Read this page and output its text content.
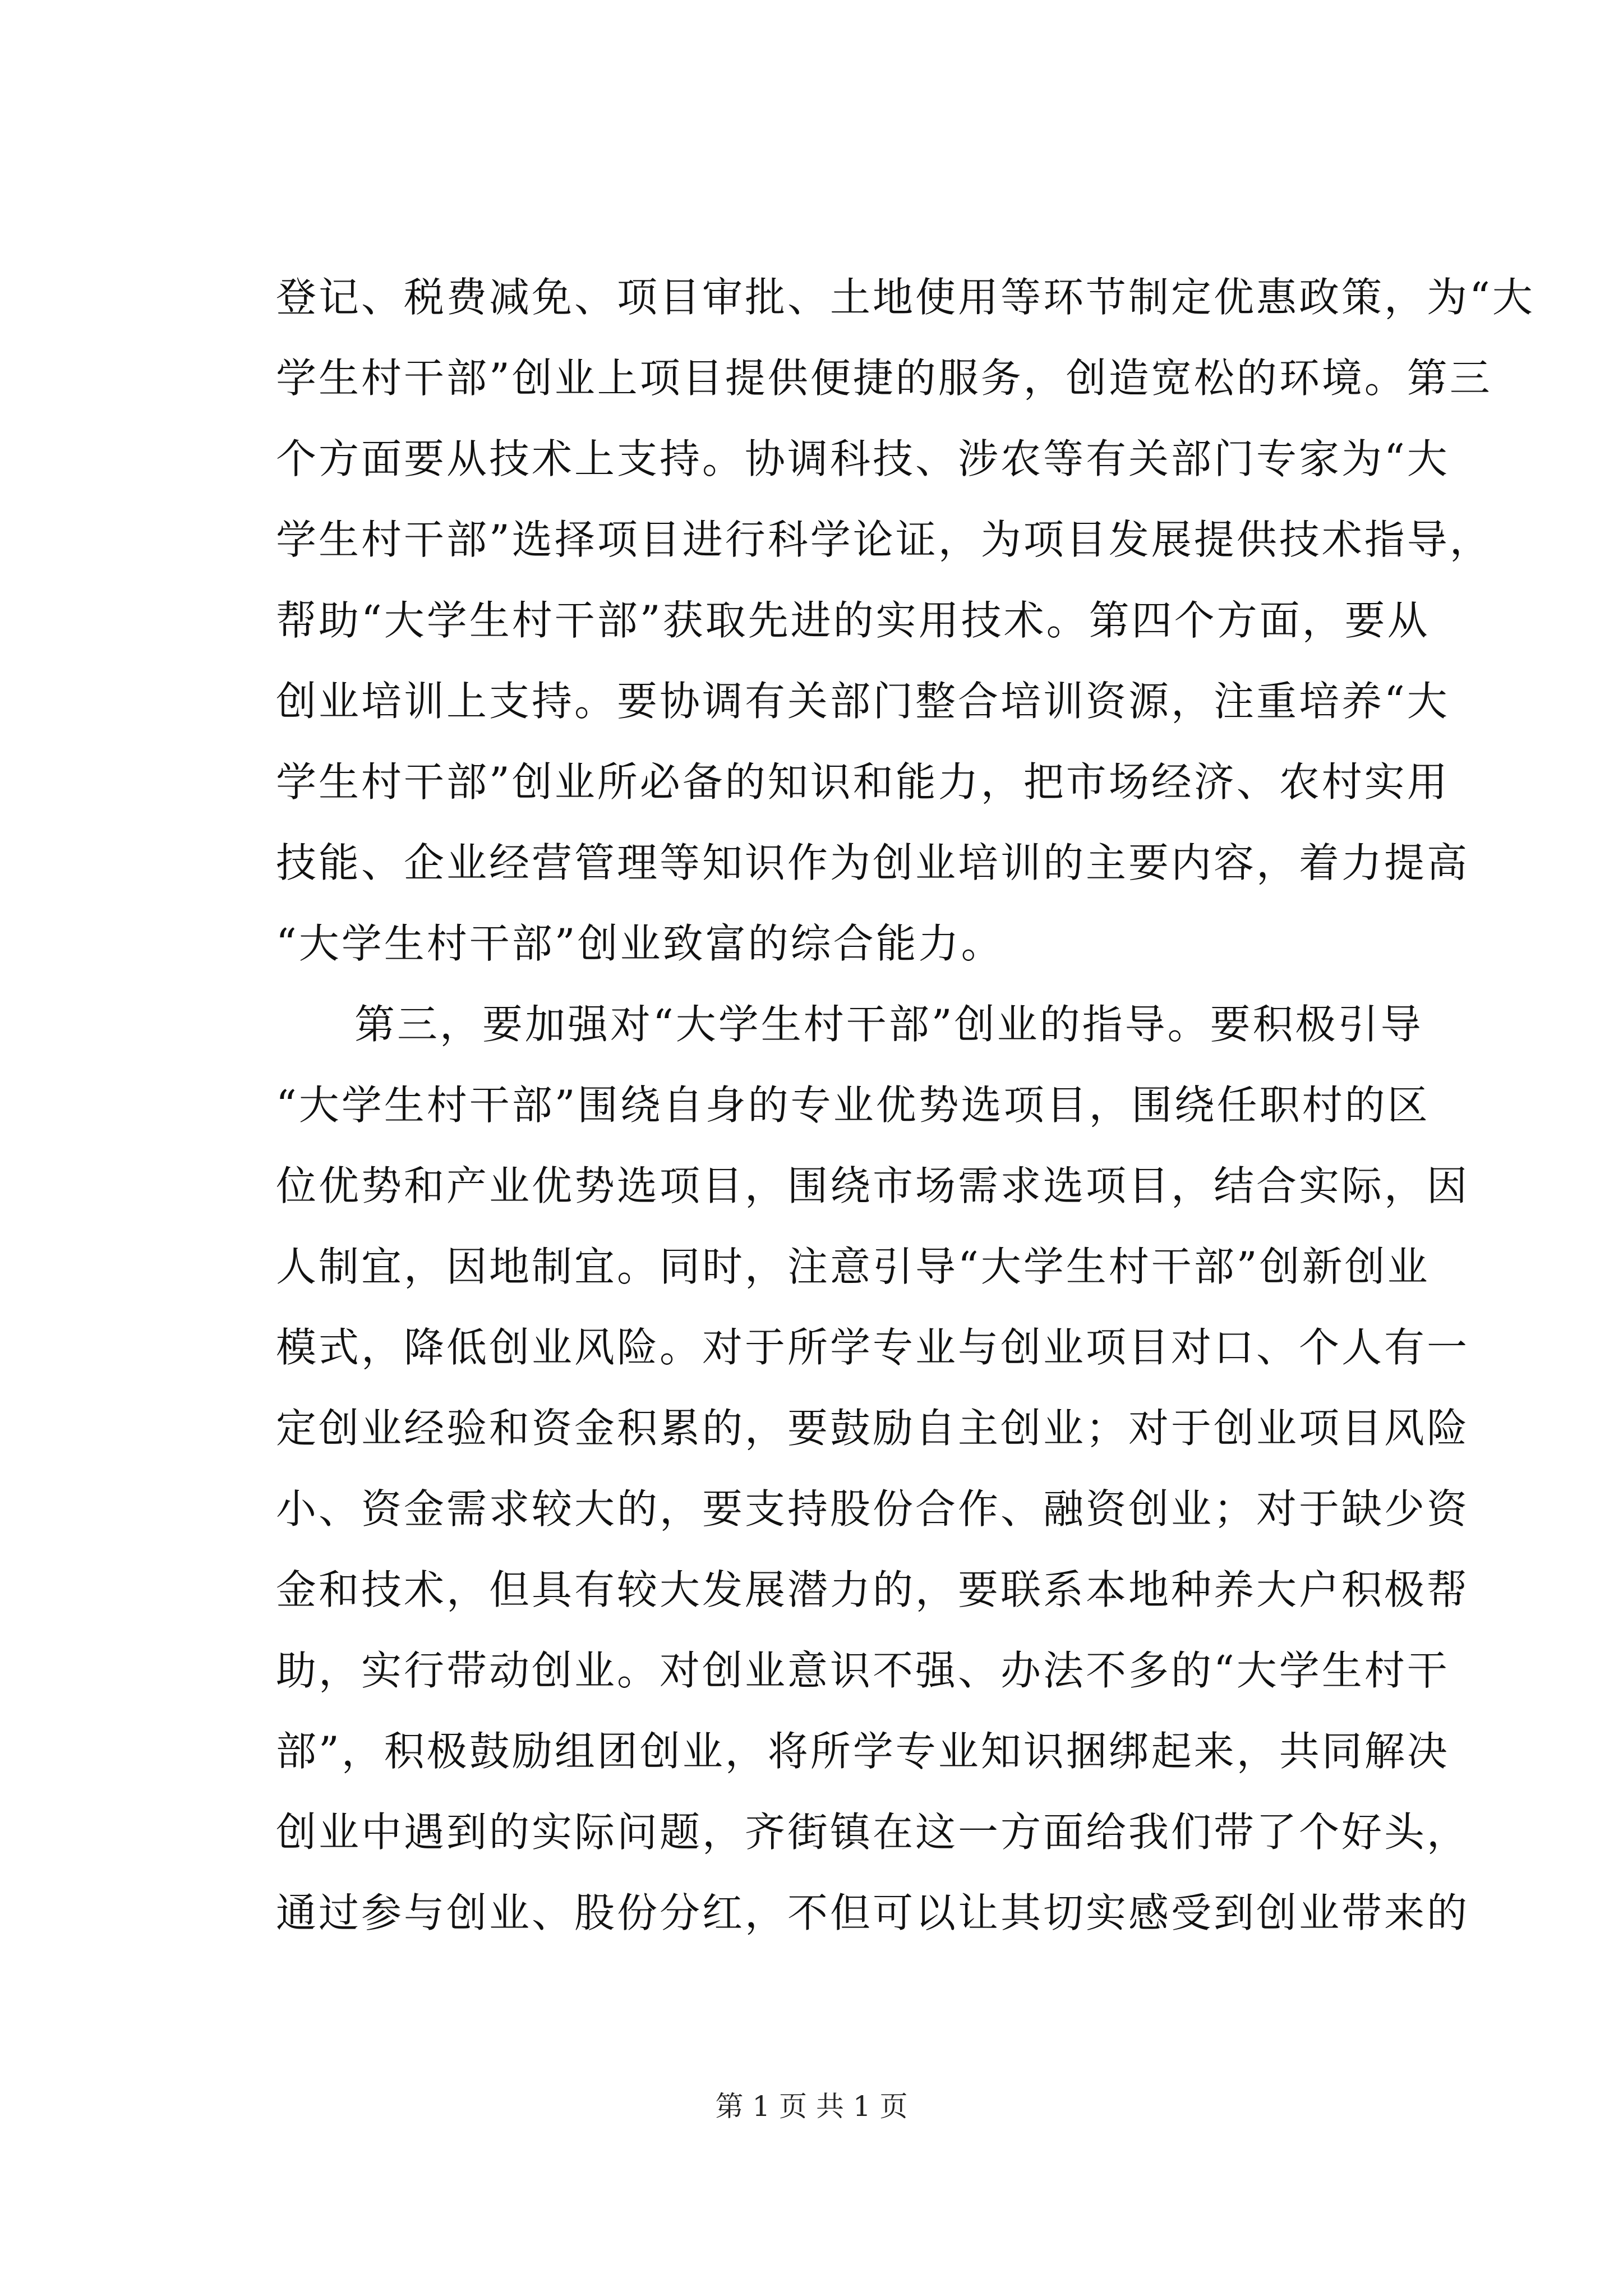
登记、税费减免、项目审批、土地使用等环节制定优惠政策，为“大
学生村干部”创业上项目提供便捷的服务，创造宽松的环境。第三
个方面要从技术上支持。协调科技、涉农等有关部门专家为“大
学生村干部”选择项目进行科学论证，为项目发展提供技术指导，
帮助“大学生村干部”获取先进的实用技术。第四个方面，要从
创业培训上支持。要协调有关部门整合培训资源，注重培养“大
学生村干部”创业所必备的知识和能力，把市场经济、农村实用
技能、企业经营管理等知识作为创业培训的主要内容，着力提高
“大学生村干部”创业致富的综合能力。
第三，要加强对“大学生村干部”创业的指导。要积极引导
“大学生村干部”围绕自身的专业优势选项目，围绕任职村的区
位优势和产业优势选项目，围绕市场需求选项目，结合实际，因
人制宜，因地制宜。同时，注意引导“大学生村干部”创新创业
模式，降低创业风险。对于所学专业与创业项目对口、个人有一
定创业经验和资金积累的，要鼓励自主创业；对于创业项目风险
小、资金需求较大的，要支持股份合作、融资创业；对于缺少资
金和技术，但具有较大发展潜力的，要联系本地种养大户积极帮
助，实行带动创业。对创业意识不强、办法不多的“大学生村干
部”，积极鼓励组团创业，将所学专业知识捆绑起来，共同解决
创业中遇到的实际问题，齐街镇在这一方面给我们带了个好头，
通过参与创业、股份分红，不但可以让其切实感受到创业带来的
第 1 页 共 1 页
